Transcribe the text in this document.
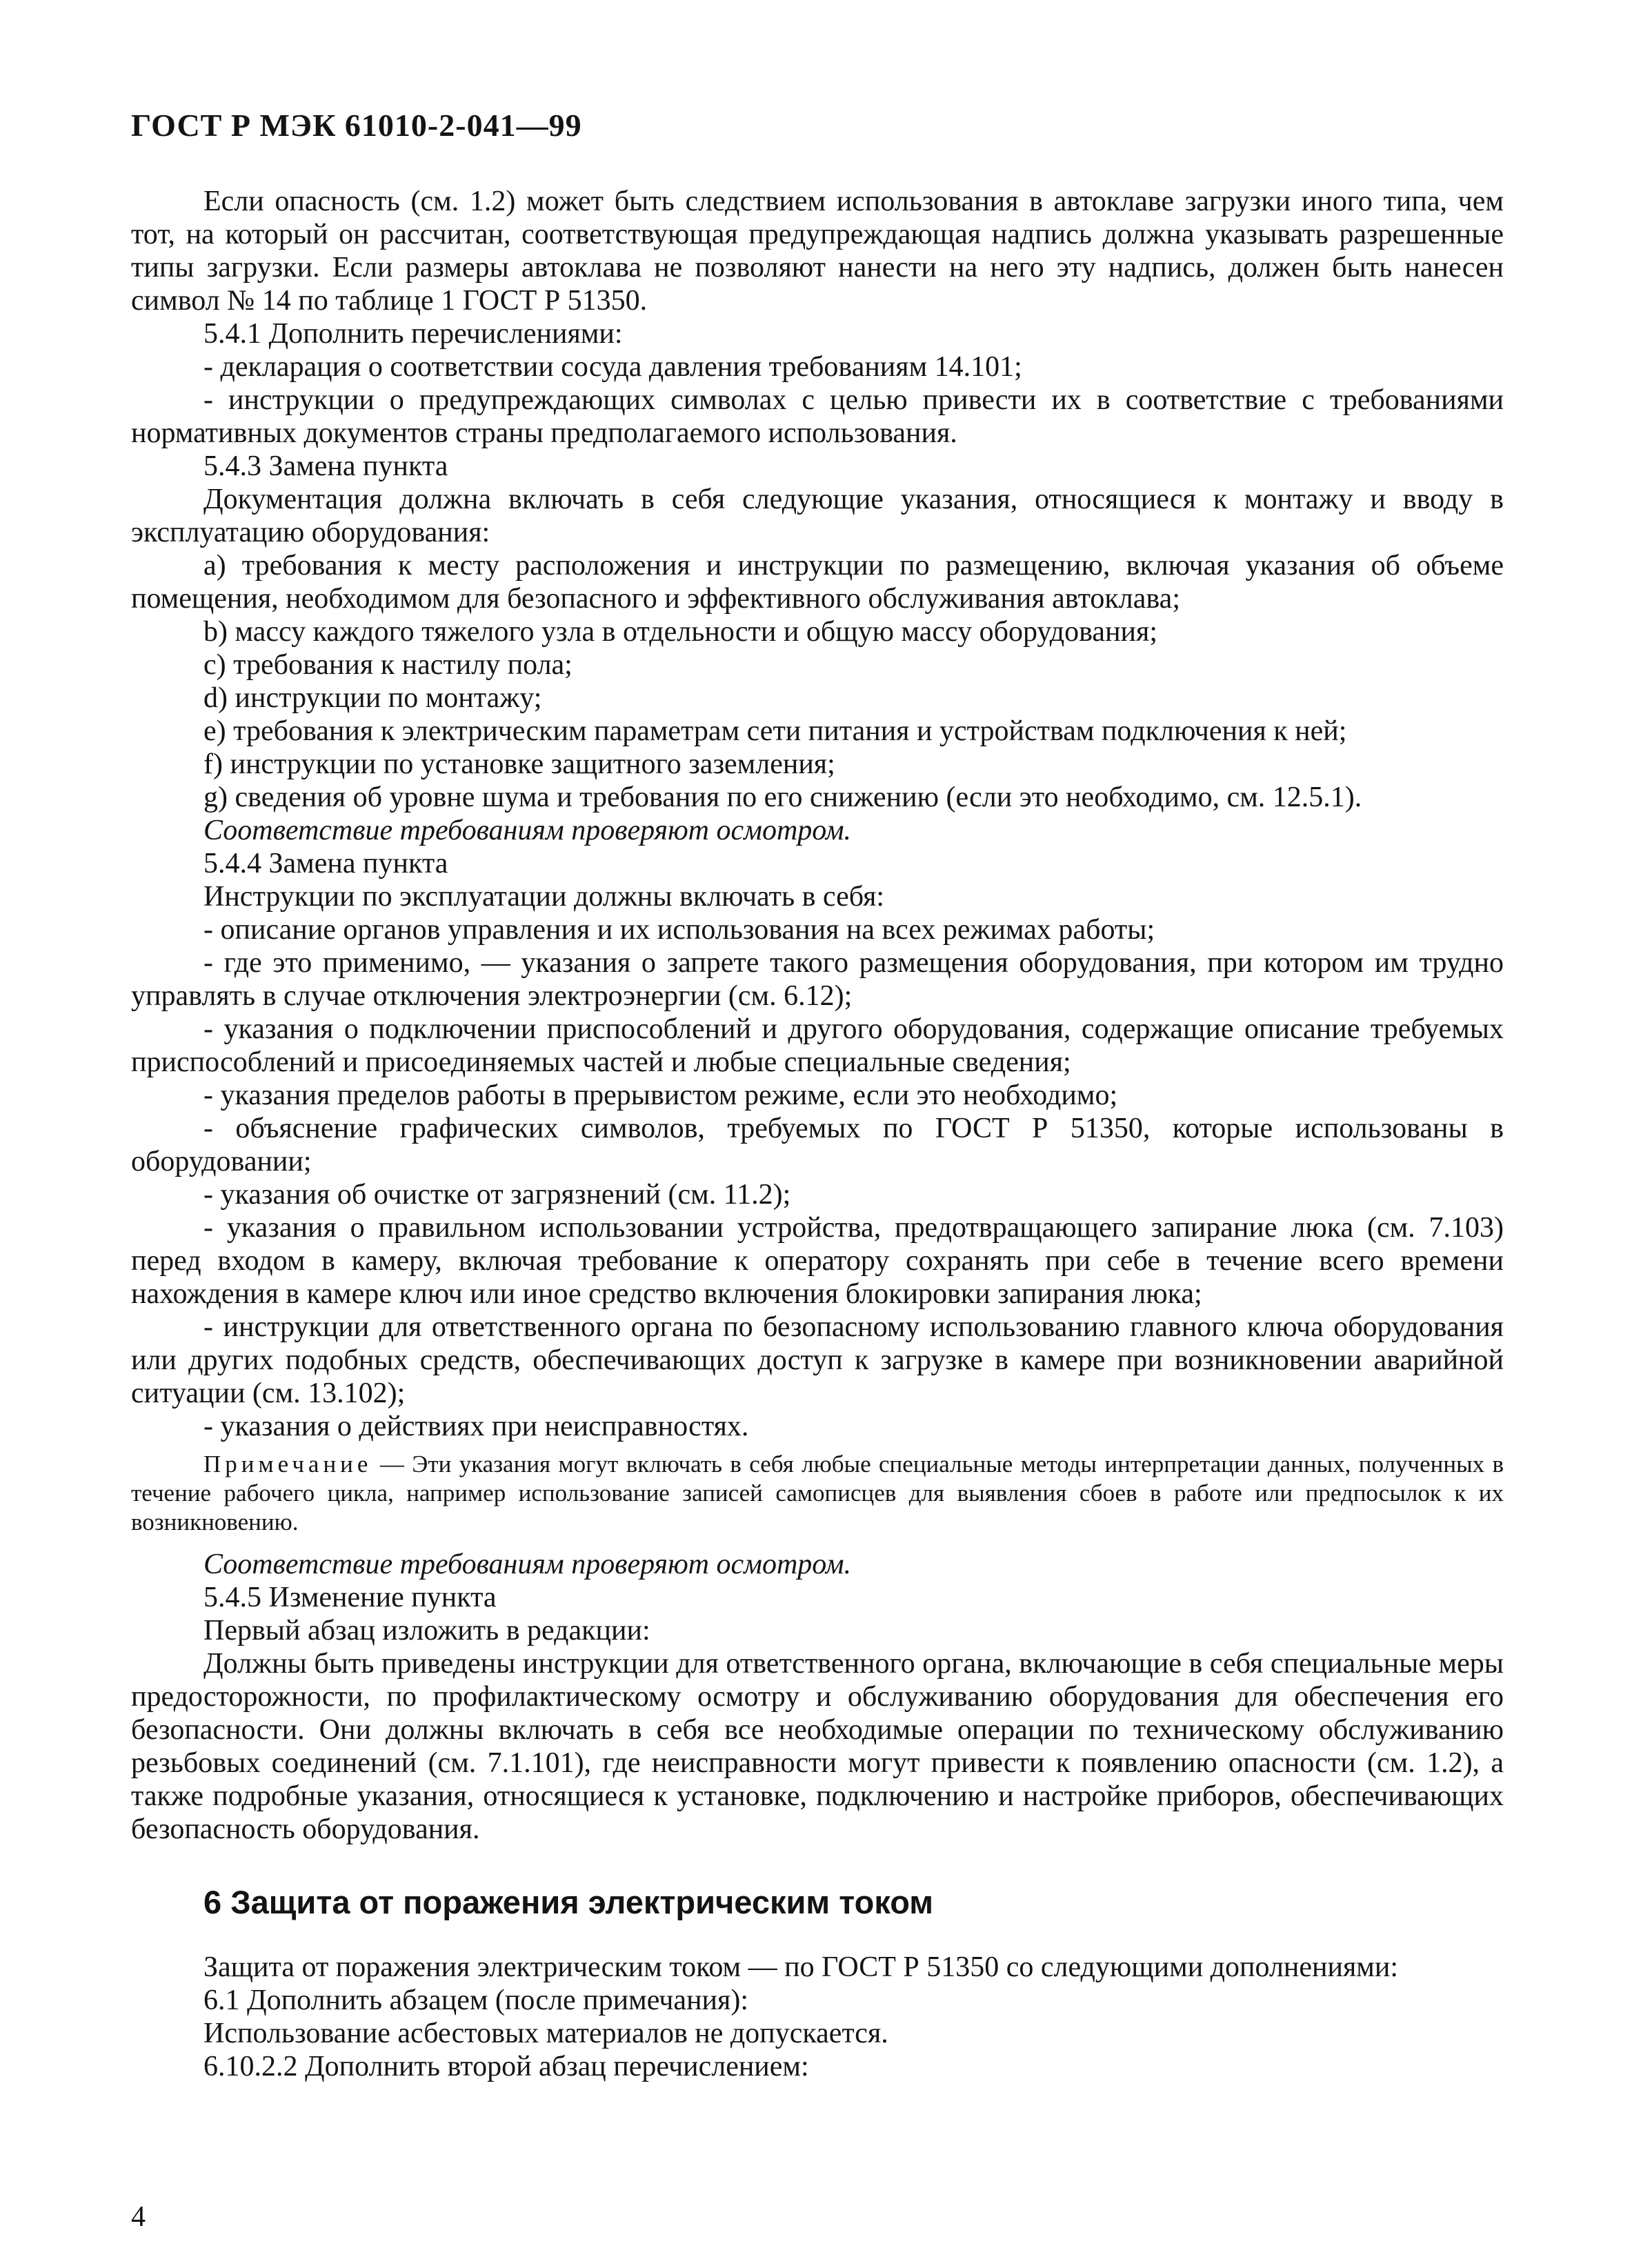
ГОСТ Р МЭК 61010-2-041—99

Если опасность (см. 1.2) может быть следствием использования в автоклаве загрузки иного типа, чем тот, на который он рассчитан, соответствующая предупреждающая надпись должна указывать разрешенные типы загрузки. Если размеры автоклава не позволяют нанести на него эту надпись, должен быть нанесен символ № 14 по таблице 1 ГОСТ Р 51350.

5.4.1 Дополнить перечислениями:

- декларация о соответствии сосуда давления требованиям 14.101;

- инструкции о предупреждающих символах с целью привести их в соответствие с требованиями нормативных документов страны предполагаемого использования.

5.4.3 Замена пункта

Документация должна включать в себя следующие указания, относящиеся к монтажу и вводу в эксплуатацию оборудования:

a) требования к месту расположения и инструкции по размещению, включая указания об объеме помещения, необходимом для безопасного и эффективного обслуживания автоклава;

b) массу каждого тяжелого узла в отдельности и общую массу оборудования;

c) требования к настилу пола;

d) инструкции по монтажу;

e) требования к электрическим параметрам сети питания и устройствам подключения к ней;

f) инструкции по установке защитного заземления;

g) сведения об уровне шума и требования по его снижению (если это необходимо, см. 12.5.1).

Соответствие требованиям проверяют осмотром.

5.4.4 Замена пункта

Инструкции по эксплуатации должны включать в себя:

- описание органов управления и их использования на всех режимах работы;

- где это применимо, — указания о запрете такого размещения оборудования, при котором им трудно управлять в случае отключения электроэнергии (см. 6.12);

- указания о подключении приспособлений и другого оборудования, содержащие описание требуемых приспособлений и присоединяемых частей и любые специальные сведения;

- указания пределов работы в прерывистом режиме, если это необходимо;

- объяснение графических символов, требуемых по ГОСТ Р 51350, которые использованы в оборудовании;

- указания об очистке от загрязнений (см. 11.2);

- указания о правильном использовании устройства, предотвращающего запирание люка (см. 7.103) перед входом в камеру, включая требование к оператору сохранять при себе в течение всего времени нахождения в камере ключ или иное средство включения блокировки запирания люка;

- инструкции для ответственного органа по безопасному использованию главного ключа оборудования или других подобных средств, обеспечивающих доступ к загрузке в камере при возникновении аварийной ситуации (см. 13.102);

- указания о действиях при неисправностях.

Примечание — Эти указания могут включать в себя любые специальные методы интерпретации данных, полученных в течение рабочего цикла, например использование записей самописцев для выявления сбоев в работе или предпосылок к их возникновению.

Соответствие требованиям проверяют осмотром.

5.4.5 Изменение пункта

Первый абзац изложить в редакции:

Должны быть приведены инструкции для ответственного органа, включающие в себя специальные меры предосторожности, по профилактическому осмотру и обслуживанию оборудования для обеспечения его безопасности. Они должны включать в себя все необходимые операции по техническому обслуживанию резьбовых соединений (см. 7.1.101), где неисправности могут привести к появлению опасности (см. 1.2), а также подробные указания, относящиеся к установке, подключению и настройке приборов, обеспечивающих безопасность оборудования.

6 Защита от поражения электрическим током

Защита от поражения электрическим током — по ГОСТ Р 51350 со следующими дополнениями:

6.1 Дополнить абзацем (после примечания):

Использование асбестовых материалов не допускается.

6.10.2.2 Дополнить второй абзац перечислением:

4
